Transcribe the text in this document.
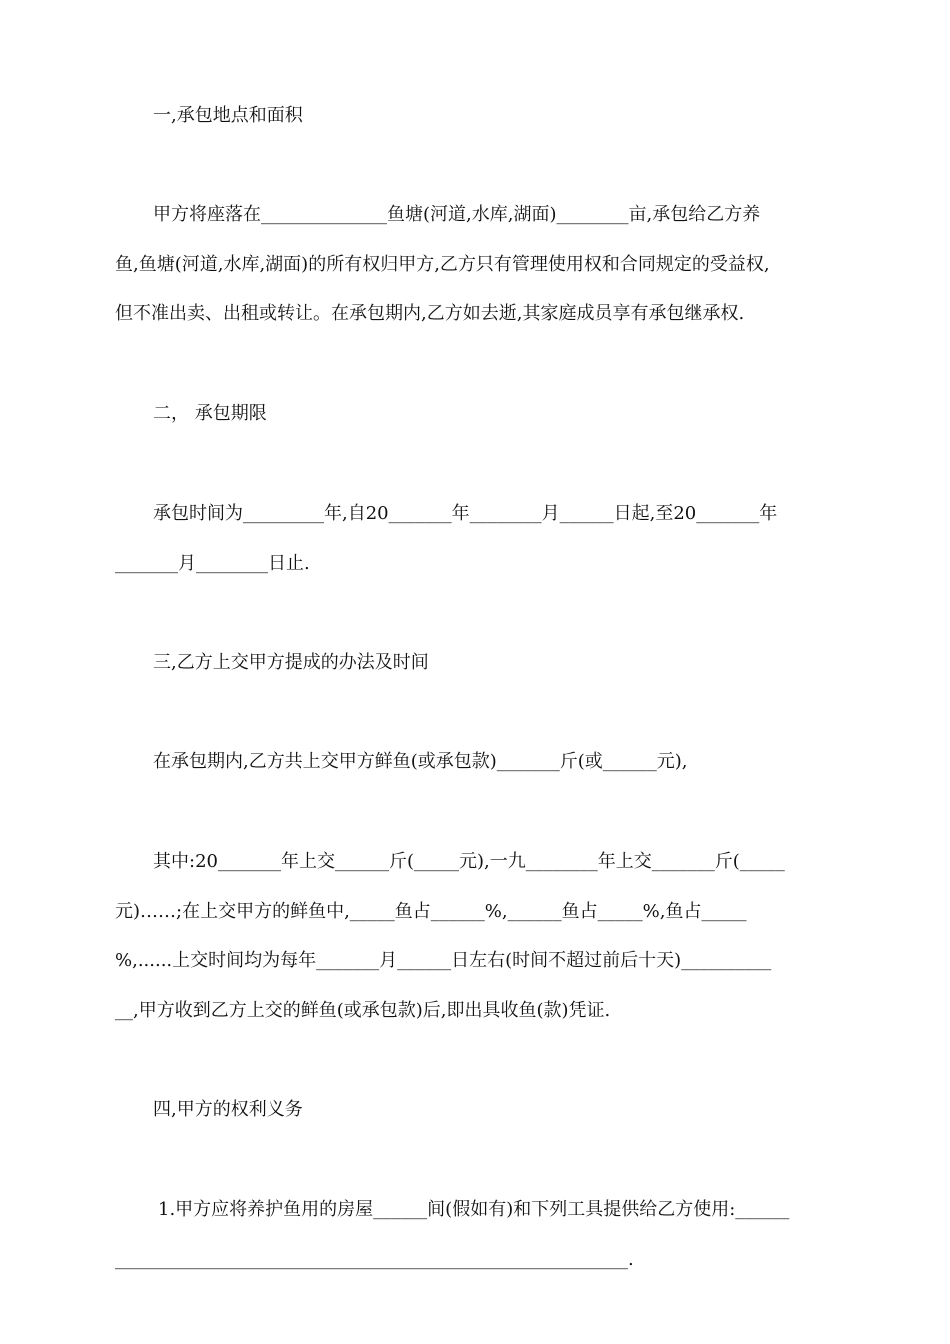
一,承包地点和面积
甲方将座落在______________鱼塘(河道,水库,湖面)________亩,承包给乙方养
鱼,鱼塘(河道,水库,湖面)的所有权归甲方,乙方只有管理使用权和合同规定的受益权,
但不准出卖、出租或转让。在承包期内,乙方如去逝,其家庭成员享有承包继承权.
二， 承包期限
承包时间为_________年,自20_______年________月______日起,至20_______年
_______月________日止.
三,乙方上交甲方提成的办法及时间
在承包期内,乙方共上交甲方鲜鱼(或承包款)_______斤(或______元),
其中:20_______年上交______斤(_____元),一九________年上交_______斤(_____
元)……;在上交甲方的鲜鱼中,_____鱼占______%,______鱼占_____%,鱼占_____
%,......上交时间均为每年_______月______日左右(时间不超过前后十天)__________
__,甲方收到乙方上交的鲜鱼(或承包款)后,即出具收鱼(款)凭证.
四,甲方的权利义务
1.甲方应将养护鱼用的房屋______间(假如有)和下列工具提供给乙方使用:______
_________________________________________________________.
